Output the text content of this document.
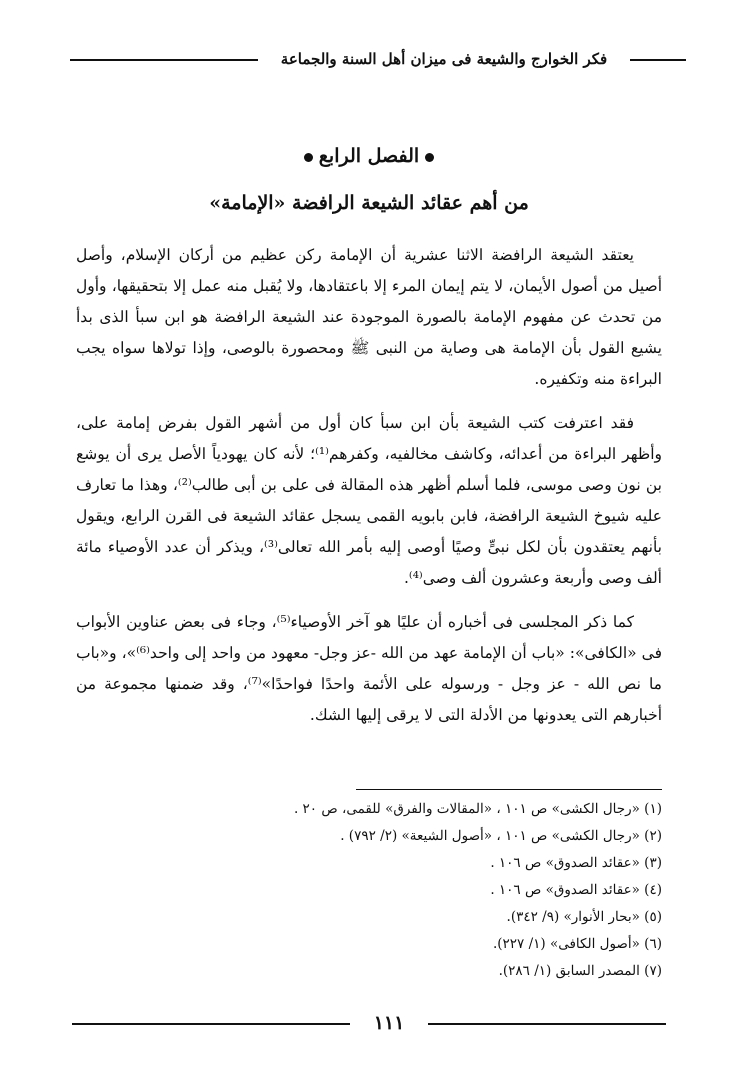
فكر الخوارج والشيعة فى ميزان أهل السنة والجماعة
الفصل الرابع
من أهم عقائد الشيعة الرافضة «الإمامة»

يعتقد الشيعة الرافضة الاثنا عشرية أن الإمامة ركن عظيم من أركان الإسلام، وأصل أصيل من أصول الأيمان، لا يتم إيمان المرء إلا باعتقادها، ولا يُقبل منه عمل إلا بتحقيقها، وأول من تحدث عن مفهوم الإمامة بالصورة الموجودة عند الشيعة الرافضة هو ابن سبأ الذى بدأ يشيع القول بأن الإمامة هى وصاية من النبى ﷺ ومحصورة بالوصى، وإذا تولاها سواه يجب البراءة منه وتكفيره.

فقد اعترفت كتب الشيعة بأن ابن سبأ كان أول من أشهر القول بفرض إمامة على، وأظهر البراءة من أعدائه، وكاشف مخالفيه، وكفرهم⁽¹⁾؛ لأنه كان يهودياً الأصل يرى أن يوشع بن نون وصى موسى، فلما أسلم أظهر هذه المقالة فى على بن أبى طالب⁽²⁾، وهذا ما تعارف عليه شيوخ الشيعة الرافضة، فابن بابويه القمى يسجل عقائد الشيعة فى القرن الرابع، ويقول بأنهم يعتقدون بأن لكل نبىٍّ وصيًا أوصى إليه بأمر الله تعالى⁽³⁾، ويذكر أن عدد الأوصياء مائة ألف وصى وأربعة وعشرون ألف وصى⁽⁴⁾.

كما ذكر المجلسى فى أخباره أن عليًا هو آخر الأوصياء⁽⁵⁾، وجاء فى بعض عناوين الأبواب فى «الكافى»: «باب أن الإمامة عهد من الله -عز وجل- معهود من واحد إلى واحد⁽⁶⁾»، و«باب ما نص الله - عز وجل - ورسوله على الأئمة واحدًا فواحدًا»⁽⁷⁾، وقد ضمنها مجموعة من أخبارهم التى يعدونها من الأدلة التى لا يرقى إليها الشك.

(١) «رجال الكشى» ص ١٠١ ، «المقالات والفرق» للقمى، ص ٢٠ .
(٢) «رجال الكشى» ص ١٠١ ، «أصول الشيعة» (٢/ ٧٩٢) .
(٣) «عقائد الصدوق» ص ١٠٦ .
(٤) «عقائد الصدوق» ص ١٠٦ .
(٥) «بحار الأنوار» (٩/ ٣٤٢).
(٦) «أصول الكافى» (١/ ٢٢٧).
(٧) المصدر السابق (١/ ٢٨٦).
١١١
